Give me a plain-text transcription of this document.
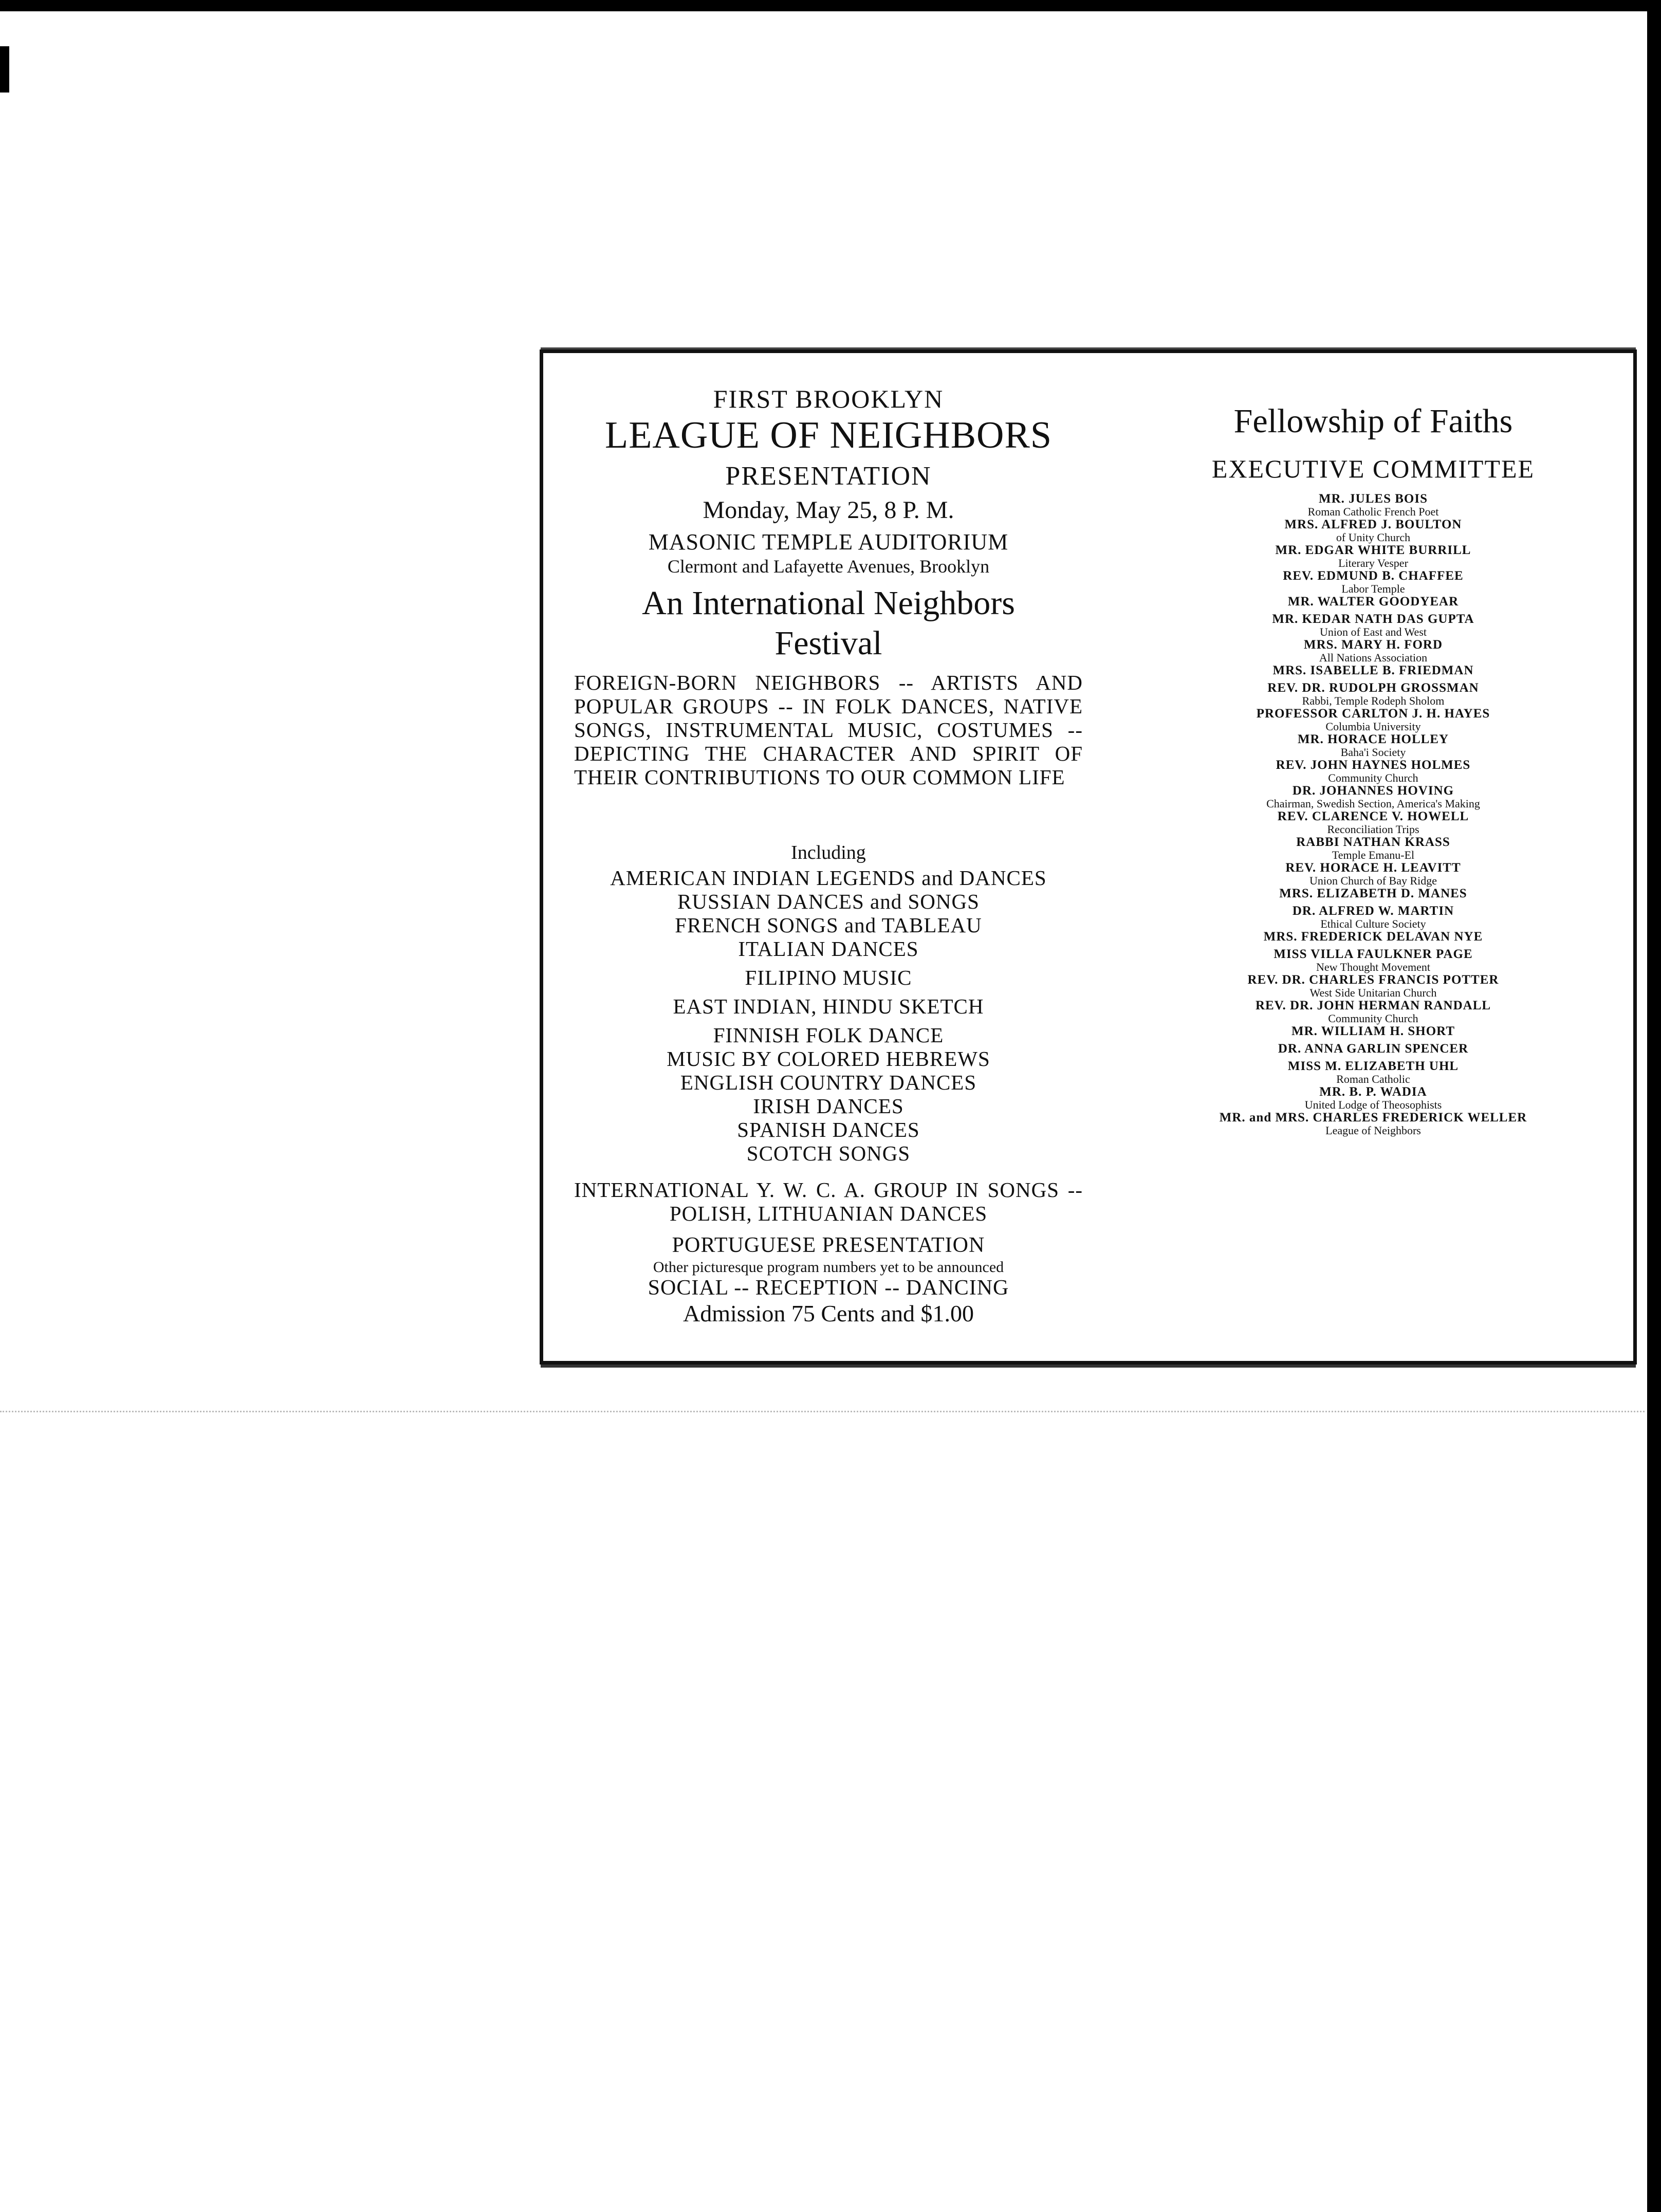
FIRST BROOKLYN
LEAGUE OF NEIGHBORS
PRESENTATION
Monday, May 25, 8 P. M.
MASONIC TEMPLE AUDITORIUM
Clermont and Lafayette Avenues, Brooklyn
An International Neighbors
Festival
FOREIGN-BORN NEIGHBORS -- ARTISTS AND POPULAR GROUPS -- IN FOLK DANCES, NATIVE SONGS, INSTRUMENTAL MUSIC, COSTUMES -- DEPICTING THE CHARACTER AND SPIRIT OF THEIR CONTRIBUTIONS TO OUR COMMON LIFE
Including
AMERICAN INDIAN LEGENDS and DANCES
RUSSIAN DANCES and SONGS
FRENCH SONGS and TABLEAU
ITALIAN DANCES
FILIPINO MUSIC
EAST INDIAN, HINDU SKETCH
FINNISH FOLK DANCE
MUSIC BY COLORED HEBREWS
ENGLISH COUNTRY DANCES
IRISH DANCES
SPANISH DANCES
SCOTCH SONGS
INTERNATIONAL Y. W. C. A. GROUP IN SONGS -- POLISH, LITHUANIAN DANCES
PORTUGUESE PRESENTATION
Other picturesque program numbers yet to be announced
SOCIAL -- RECEPTION -- DANCING
Admission 75 Cents and $1.00
Fellowship of Faiths
EXECUTIVE COMMITTEE
MR. JULES BOIS
Roman Catholic French Poet
MRS. ALFRED J. BOULTON
of Unity Church
MR. EDGAR WHITE BURRILL
Literary Vesper
REV. EDMUND B. CHAFFEE
Labor Temple
MR. WALTER GOODYEAR
MR. KEDAR NATH DAS GUPTA
Union of East and West
MRS. MARY H. FORD
All Nations Association
MRS. ISABELLE B. FRIEDMAN
REV. DR. RUDOLPH GROSSMAN
Rabbi, Temple Rodeph Sholom
PROFESSOR CARLTON J. H. HAYES
Columbia University
MR. HORACE HOLLEY
Baha'i Society
REV. JOHN HAYNES HOLMES
Community Church
DR. JOHANNES HOVING
Chairman, Swedish Section, America's Making
REV. CLARENCE V. HOWELL
Reconciliation Trips
RABBI NATHAN KRASS
Temple Emanu-El
REV. HORACE H. LEAVITT
Union Church of Bay Ridge
MRS. ELIZABETH D. MANES
DR. ALFRED W. MARTIN
Ethical Culture Society
MRS. FREDERICK DELAVAN NYE
MISS VILLA FAULKNER PAGE
New Thought Movement
REV. DR. CHARLES FRANCIS POTTER
West Side Unitarian Church
REV. DR. JOHN HERMAN RANDALL
Community Church
MR. WILLIAM H. SHORT
DR. ANNA GARLIN SPENCER
MISS M. ELIZABETH UHL
Roman Catholic
MR. B. P. WADIA
United Lodge of Theosophists
MR. and MRS. CHARLES FREDERICK WELLER
League of Neighbors
